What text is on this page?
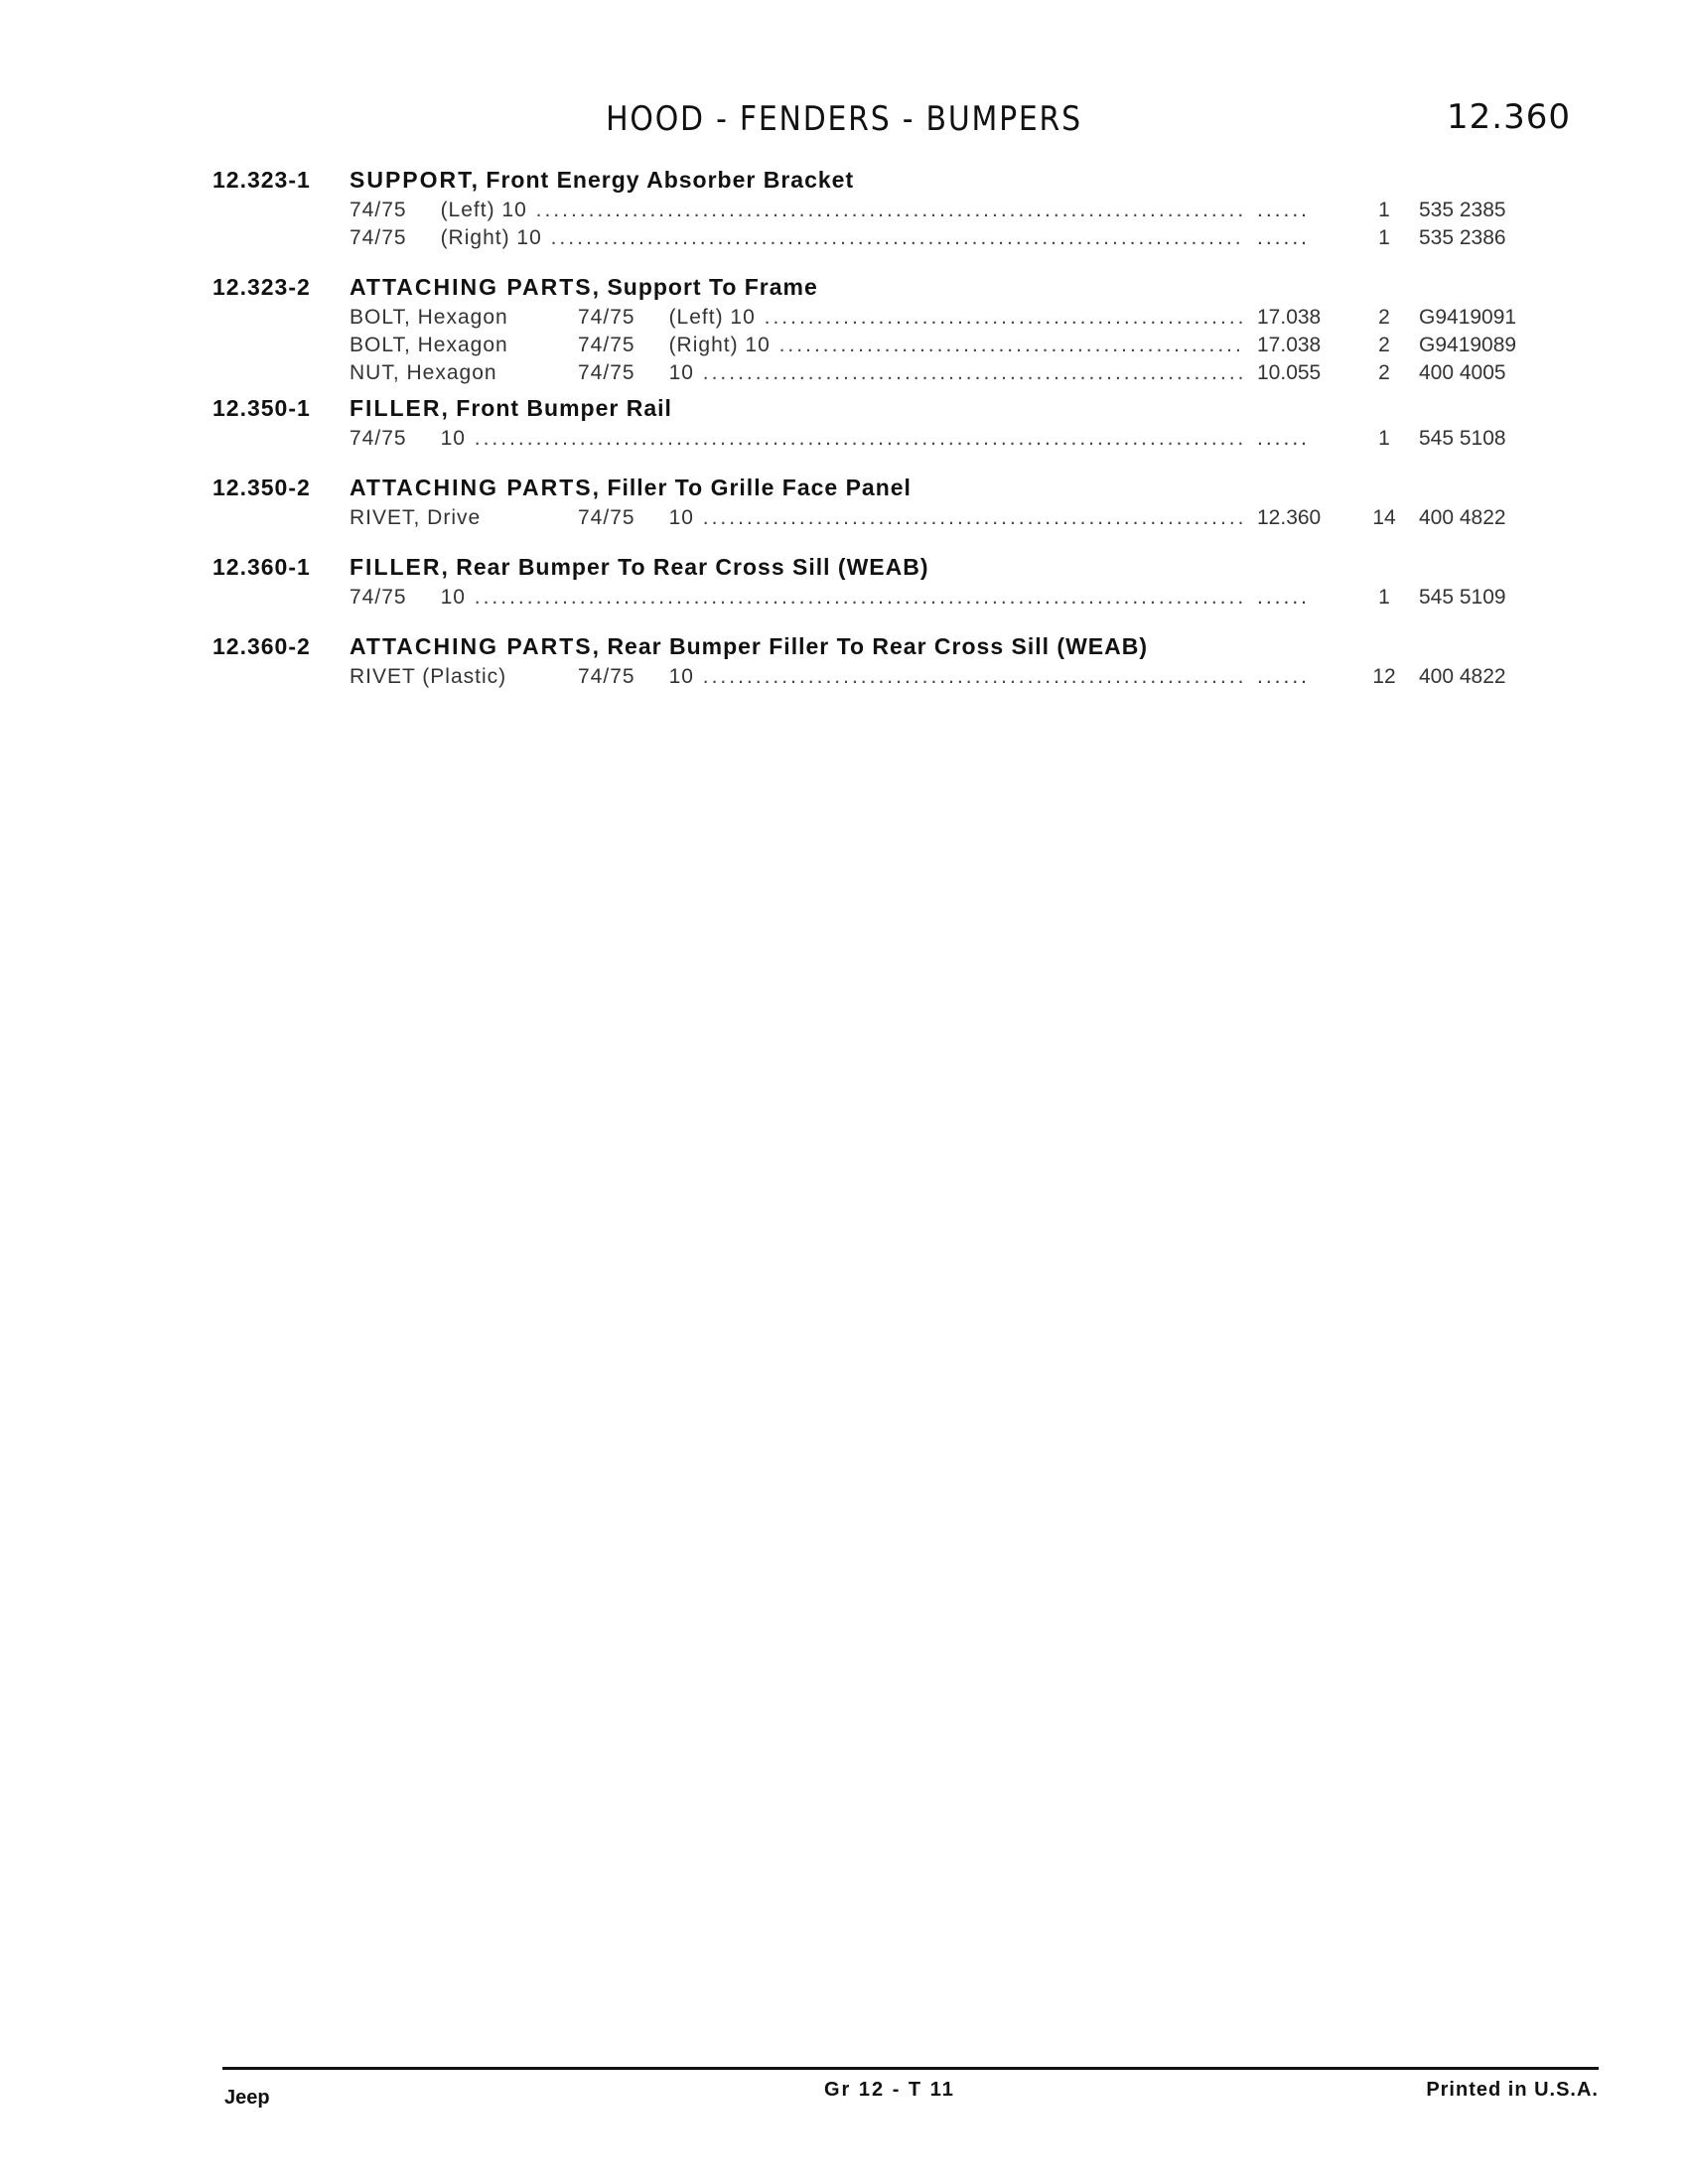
HOOD - FENDERS - BUMPERS	12.360
12.323-1 SUPPORT, Front Energy Absorber Bracket
74/75 (Left) 10 .....	......	1	535 2385
74/75 (Right) 10 .....	......	1	535 2386
12.323-2 ATTACHING PARTS, Support To Frame
BOLT, Hexagon	74/75 (Left) 10 .....	17.038	2	G9419091
BOLT, Hexagon	74/75 (Right) 10 .....	17.038	2	G9419089
NUT, Hexagon	74/75 10 .....	10.055	2	400 4005
12.350-1 FILLER, Front Bumper Rail
74/75 10 .....	......	1	545 5108
12.350-2 ATTACHING PARTS, Filler To Grille Face Panel
RIVET, Drive	74/75 10 .....	12.360	14	400 4822
12.360-1 FILLER, Rear Bumper To Rear Cross Sill (WEAB)
74/75 10 .....	......	1	545 5109
12.360-2 ATTACHING PARTS, Rear Bumper Filler To Rear Cross Sill (WEAB)
RIVET (Plastic)	74/75 10 .....	......	12	400 4822
Jeep	Gr 12 - T 11	Printed in U.S.A.
